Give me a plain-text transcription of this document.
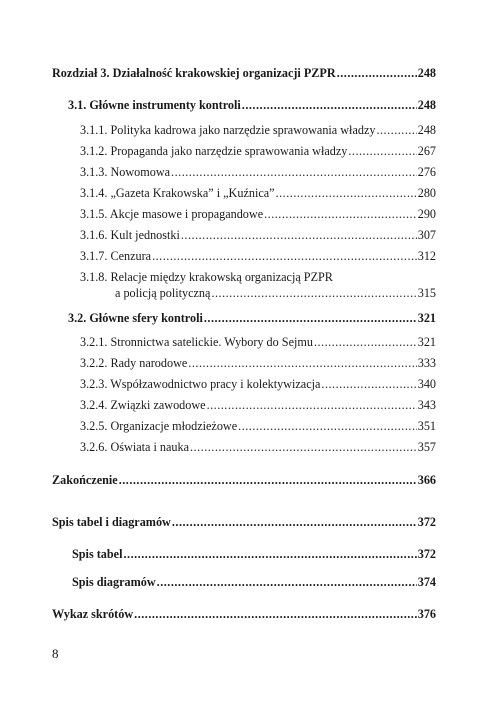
Rozdział 3. Działalność krakowskiej organizacji PZPR .....	248
3.1. Główne instrumenty kontroli .....	248
3.1.1. Polityka kadrowa jako narzędzie sprawowania władzy .....	248
3.1.2. Propaganda jako narzędzie sprawowania władzy .....	267
3.1.3. Nowomowa .....	276
3.1.4. „Gazeta Krakowska” i „Kuźnica” .....	280
3.1.5. Akcje masowe i propagandowe .....	290
3.1.6. Kult jednostki .....	307
3.1.7. Cenzura .....	312
3.1.8. Relacje między krakowską organizacją PZPR
a policją polityczną .....	315
3.2. Główne sfery kontroli .....	321
3.2.1. Stronnictwa satelickie. Wybory do Sejmu .....	321
3.2.2. Rady narodowe .....	333
3.2.3. Współzawodnictwo pracy i kolektywizacja .....	340
3.2.4. Związki zawodowe .....	343
3.2.5. Organizacje młodzieżowe .....	351
3.2.6. Oświata i nauka .....	357
Zakończenie .....	366
Spis tabel i diagramów .....	372
Spis tabel .....	372
Spis diagramów .....	374
Wykaz skrótów .....	376
8
